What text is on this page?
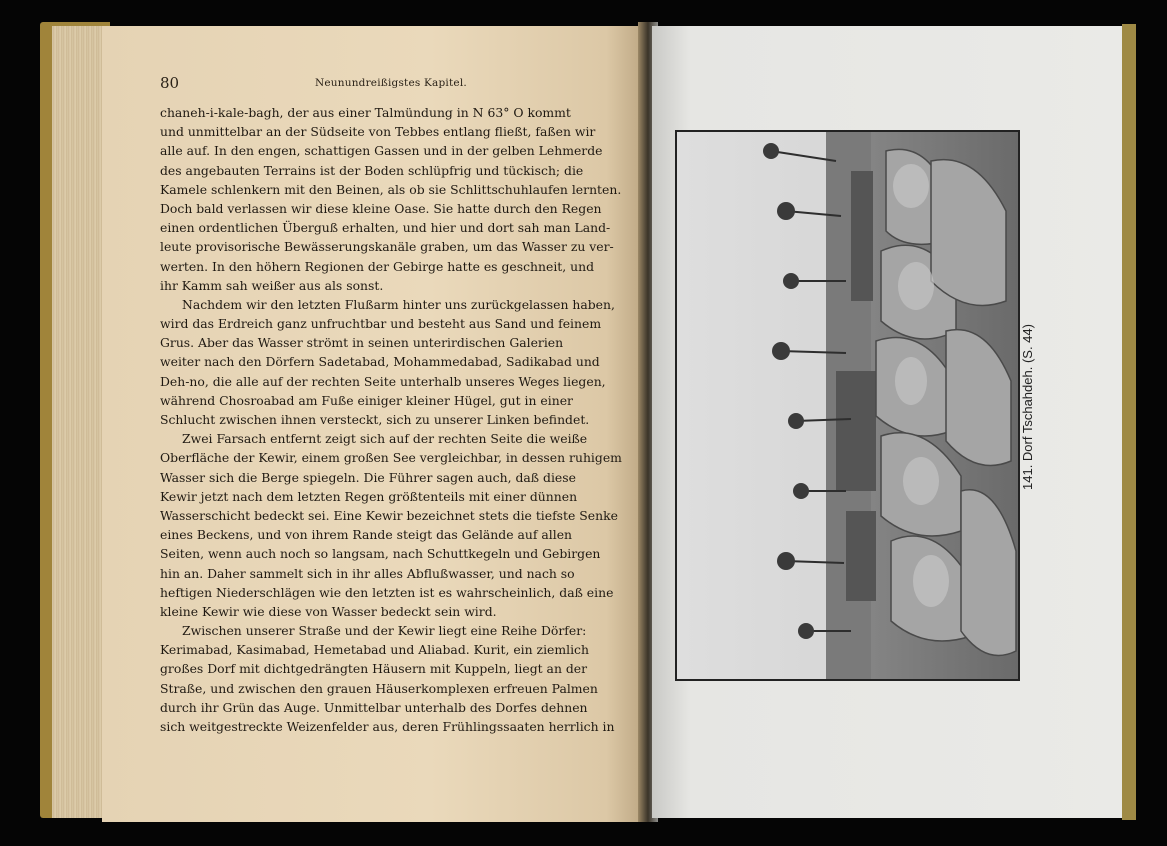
80	Neunundreißigstes Kapitel.
chaneh-i-kale-bagh, der aus einer Talmündung in N 63° O kommt
und unmittelbar an der Südseite von Tebbes entlang fließt, faßen wir
alle auf. In den engen, schattigen Gassen und in der gelben Lehmerde
des angebauten Terrains ist der Boden schlüpfrig und tückisch; die
Kamele schlenkern mit den Beinen, als ob sie Schlittschuhlaufen lernten.
Doch bald verlassen wir diese kleine Oase. Sie hatte durch den Regen
einen ordentlichen Überguß erhalten, und hier und dort sah man Land-
leute provisorische Bewässerungskanäle graben, um das Wasser zu ver-
werten. In den höhern Regionen der Gebirge hatte es geschneit, und
ihr Kamm sah weißer aus als sonst.
Nachdem wir den letzten Flußarm hinter uns zurückgelassen haben,
wird das Erdreich ganz unfruchtbar und besteht aus Sand und feinem
Grus. Aber das Wasser strömt in seinen unterirdischen Galerien
weiter nach den Dörfern Sadetabad, Mohammedabad, Sadikabad und
Deh-no, die alle auf der rechten Seite unterhalb unseres Weges liegen,
während Chosroabad am Fuße einiger kleiner Hügel, gut in einer
Schlucht zwischen ihnen versteckt, sich zu unserer Linken befindet.
Zwei Farsach entfernt zeigt sich auf der rechten Seite die weiße
Oberfläche der Kewir, einem großen See vergleichbar, in dessen ruhigem
Wasser sich die Berge spiegeln. Die Führer sagen auch, daß diese
Kewir jetzt nach dem letzten Regen größtenteils mit einer dünnen
Wasserschicht bedeckt sei. Eine Kewir bezeichnet stets die tiefste Senke
eines Beckens, und von ihrem Rande steigt das Gelände auf allen
Seiten, wenn auch noch so langsam, nach Schuttkegeln und Gebirgen
hin an. Daher sammelt sich in ihr alles Abflußwasser, und nach so
heftigen Niederschlägen wie den letzten ist es wahrscheinlich, daß eine
kleine Kewir wie diese von Wasser bedeckt sein wird.
Zwischen unserer Straße und der Kewir liegt eine Reihe Dörfer:
Kerimabad, Kasimabad, Hemetabad und Aliabad. Kurit, ein ziemlich
großes Dorf mit dichtgedrängten Häusern mit Kuppeln, liegt an der
Straße, und zwischen den grauen Häuserkomplexen erfreuen Palmen
durch ihr Grün das Auge. Unmittelbar unterhalb des Dorfes dehnen
sich weitgestreckte Weizenfelder aus, deren Frühlingssaaten herrlich in
141. Dorf Tschahdeh. (S. 44)
